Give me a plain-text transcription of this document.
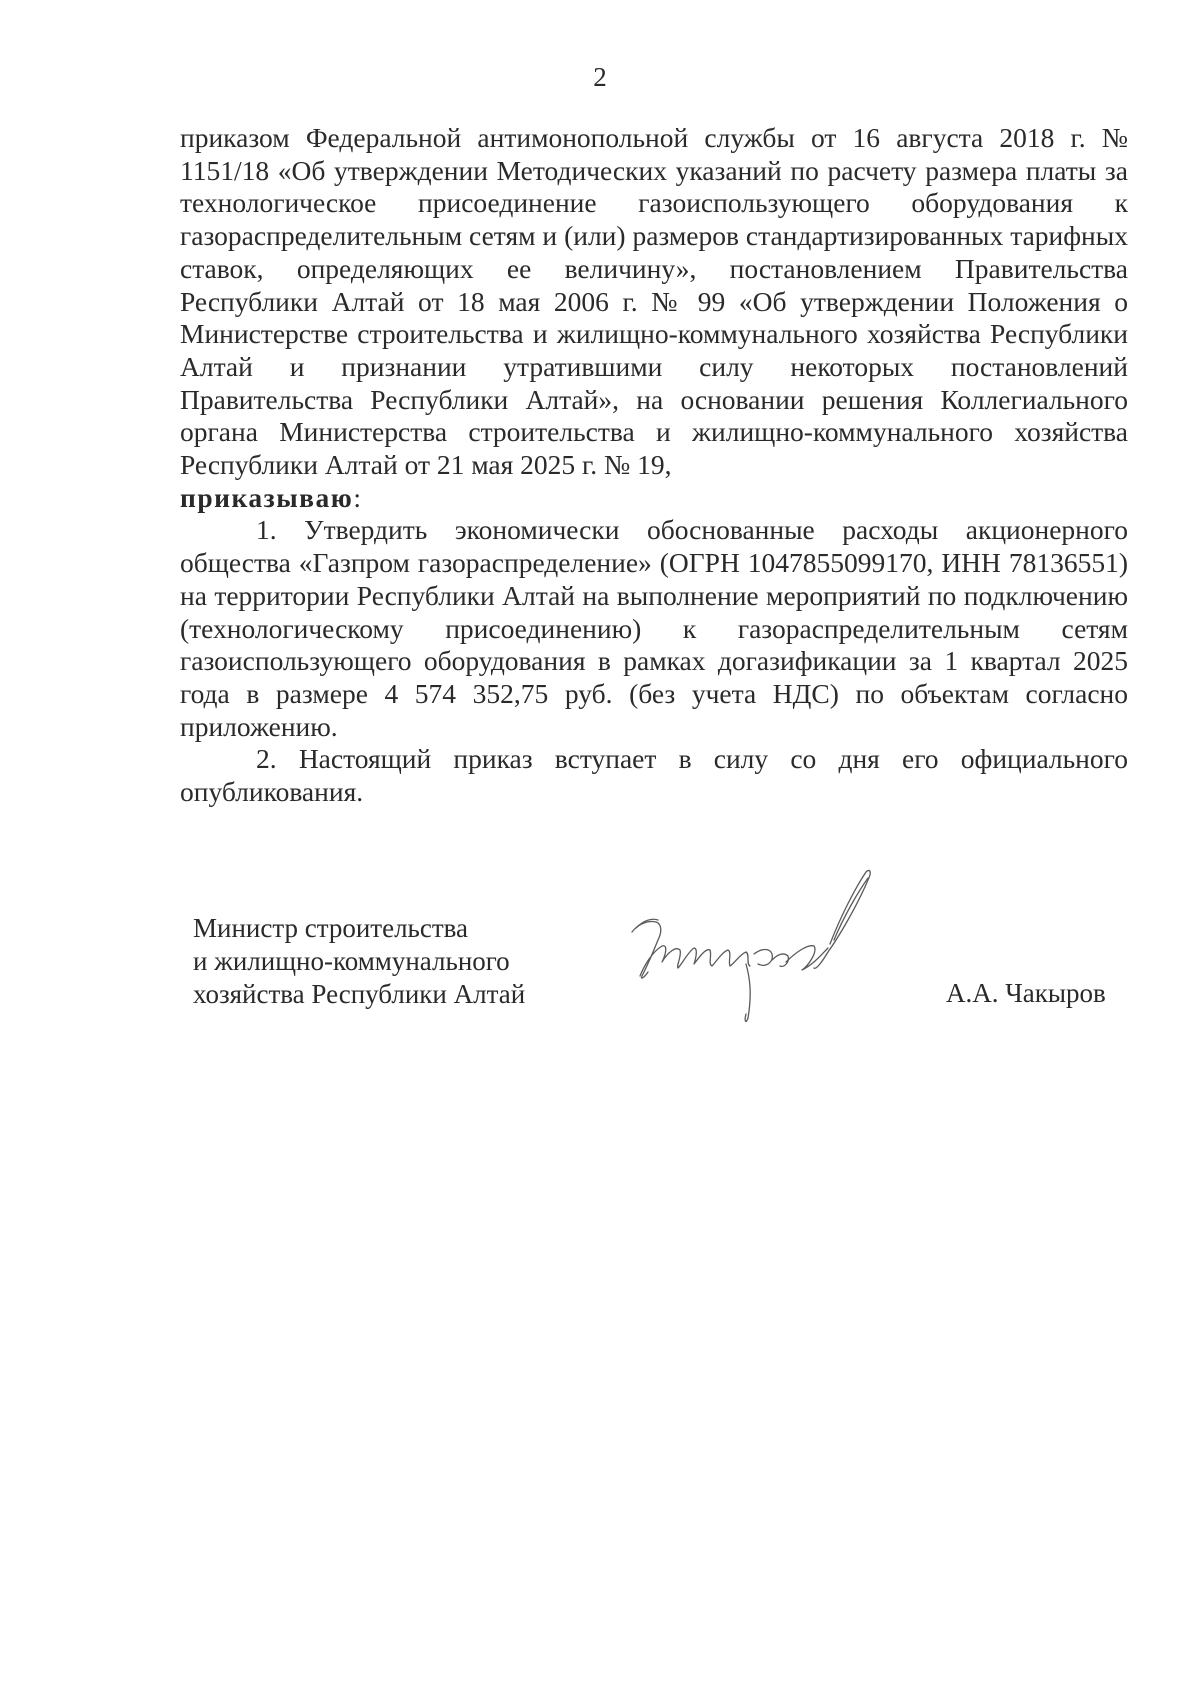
2

приказом Федеральной антимонопольной службы от 16 августа 2018 г. № 1151/18 «Об утверждении Методических указаний по расчету размера платы за технологическое присоединение газоиспользующего оборудования к газораспределительным сетям и (или) размеров стандартизированных тарифных ставок, определяющих ее величину», постановлением Правительства Республики Алтай от 18 мая 2006 г. № 99 «Об утверждении Положения о Министерстве строительства и жилищно-коммунального хозяйства Республики Алтай и признании утратившими силу некоторых постановлений Правительства Республики Алтай», на основании решения Коллегиального органа Министерства строительства и жилищно-коммунального хозяйства Республики Алтай от 21 мая 2025 г. № 19,
приказываю:

1. Утвердить экономически обоснованные расходы акционерного общества «Газпром газораспределение» (ОГРН 1047855099170, ИНН 78136551) на территории Республики Алтай на выполнение мероприятий по подключению (технологическому присоединению) к газораспределительным сетям газоиспользующего оборудования в рамках догазификации за 1 квартал 2025 года в размере 4 574 352,75 руб. (без учета НДС) по объектам согласно приложению.

2. Настоящий приказ вступает в силу со дня его официального опубликования.

Министр строительства
и жилищно-коммунального
хозяйства Республики Алтай	А.А. Чакыров
